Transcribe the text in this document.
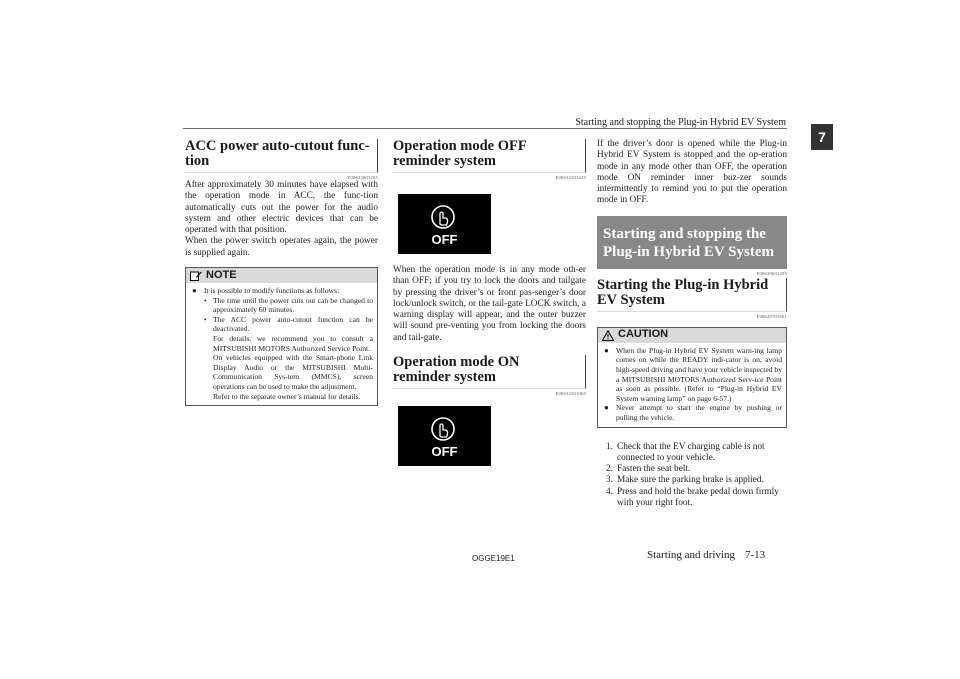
Starting and stopping the Plug-in Hybrid EV System
7
ACC power auto-cutout func-tion
E00632801265
After approximately 30 minutes have elapsed with the operation mode in ACC, the func-tion automatically cuts out the power for the audio system and other electric devices that can be operated with that position.
When the power switch operates again, the power is supplied again.
NOTE
● It is possible to modify functions as follows:
• The time until the power cuts out can be changed to approximately 60 minutes.
• The ACC power auto-cutout function can be deactivated.
For details, we recommend you to consult a MITSUBISHI MOTORS Authorized Service Point.
On vehicles equipped with the Smart-phone Link Display Audio or the MITSUBISHI Multi-Communication Sys-tem (MMCS), screen operations can be used to make the adjustment.
Refer to the separate owner’s manual for details.
Operation mode OFF reminder system
E00632201445
OFF
When the operation mode is in any mode oth-er than OFF; if you try to lock the doors and tailgate by pressing the driver’s or front pas-senger’s door lock/unlock switch, or the tail-gate LOCK switch, a warning display will appear, and the outer buzzer will sound pre-venting you from locking the doors and tail-gate.
Operation mode ON reminder system
E00632301068
OFF
If the driver’s door is opened while the Plug-in Hybrid EV System is stopped and the op-eration mode in any mode other than OFF, the operation mode ON reminder inner buz-zer sounds intermittently to remind you to put the operation mode in OFF.
Starting and stopping the Plug-in Hybrid EV System
E00620601295
Starting the Plug-in Hybrid EV System
E00620701661
CAUTION
● When the Plug-in Hybrid EV System warn-ing lamp comes on while the READY indi-cator is on, avoid high-speed driving and have your vehicle inspected by a MITSUBISHI MOTORS Authorized Serv-ice Point as soon as possible. (Refer to “Plug-in Hybrid EV System warning lamp” on page 6-57.)
● Never attempt to start the engine by pushing or pulling the vehicle.
1. Check that the EV charging cable is not connected to your vehicle.
2. Fasten the seat belt.
3. Make sure the parking brake is applied.
4. Press and hold the brake pedal down firmly with your right foot.
OGGE19E1	Starting and driving 7-13
